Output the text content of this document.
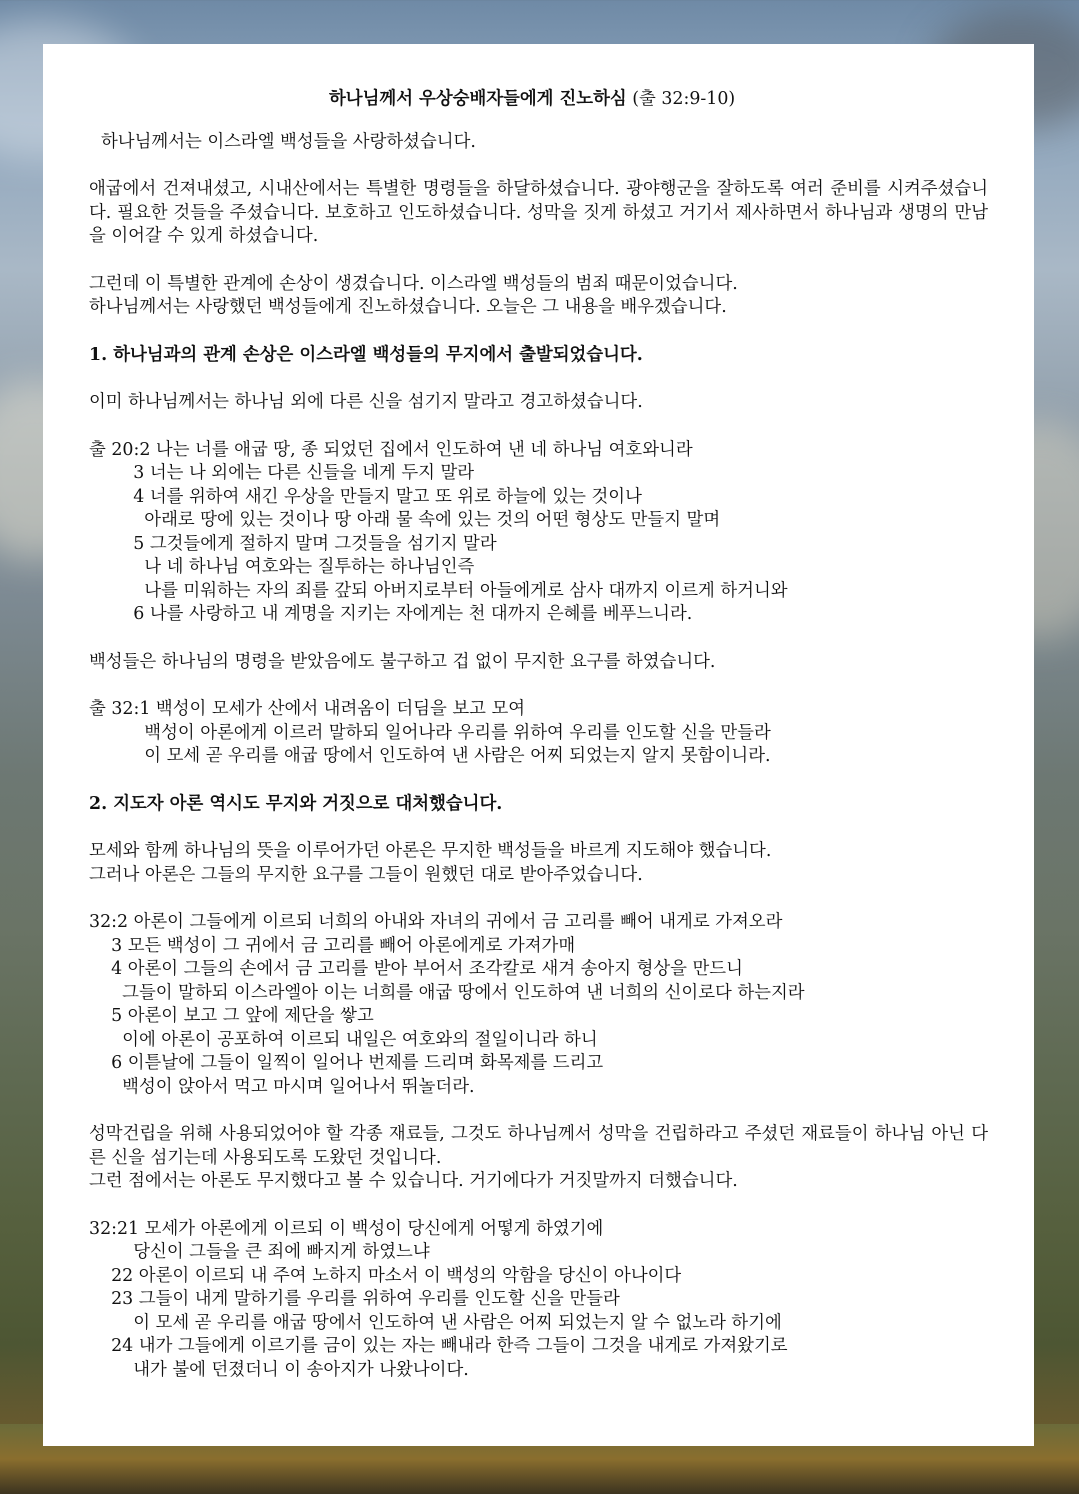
하나님께서 우상숭배자들에게 진노하심 (출 32:9-10)

하나님께서는 이스라엘 백성들을 사랑하셨습니다.

애굽에서 건져내셨고, 시내산에서는 특별한 명령들을 하달하셨습니다. 광야행군을 잘하도록 여러 준비를 시켜주셨습니다. 필요한 것들을 주셨습니다. 보호하고 인도하셨습니다. 성막을 짓게 하셨고 거기서 제사하면서 하나님과 생명의 만남을 이어갈 수 있게 하셨습니다.

그런데 이 특별한 관계에 손상이 생겼습니다. 이스라엘 백성들의 범죄 때문이었습니다.
하나님께서는 사랑했던 백성들에게 진노하셨습니다. 오늘은 그 내용을 배우겠습니다.
1. 하나님과의 관계 손상은 이스라엘 백성들의 무지에서 출발되었습니다.

이미 하나님께서는 하나님 외에 다른 신을 섬기지 말라고 경고하셨습니다.

출 20:2 나는 너를 애굽 땅, 종 되었던 집에서 인도하여 낸 네 하나님 여호와니라
3 너는 나 외에는 다른 신들을 네게 두지 말라
4 너를 위하여 새긴 우상을 만들지 말고 또 위로 하늘에 있는 것이나
아래로 땅에 있는 것이나 땅 아래 물 속에 있는 것의 어떤 형상도 만들지 말며
5 그것들에게 절하지 말며 그것들을 섬기지 말라
나 네 하나님 여호와는 질투하는 하나님인즉
나를 미워하는 자의 죄를 갚되 아버지로부터 아들에게로 삼사 대까지 이르게 하거니와
6 나를 사랑하고 내 계명을 지키는 자에게는 천 대까지 은혜를 베푸느니라.

백성들은 하나님의 명령을 받았음에도 불구하고 겁 없이 무지한 요구를 하였습니다.

출 32:1 백성이 모세가 산에서 내려옴이 더딤을 보고 모여
백성이 아론에게 이르러 말하되 일어나라 우리를 위하여 우리를 인도할 신을 만들라
이 모세 곧 우리를 애굽 땅에서 인도하여 낸 사람은 어찌 되었는지 알지 못함이니라.
2. 지도자 아론 역시도 무지와 거짓으로 대처했습니다.
모세와 함께 하나님의 뜻을 이루어가던 아론은 무지한 백성들을 바르게 지도해야 했습니다.
그러나 아론은 그들의 무지한 요구를 그들이 원했던 대로 받아주었습니다.
32:2 아론이 그들에게 이르되 너희의 아내와 자녀의 귀에서 금 고리를 빼어 내게로 가져오라
3 모든 백성이 그 귀에서 금 고리를 빼어 아론에게로 가져가매
4 아론이 그들의 손에서 금 고리를 받아 부어서 조각칼로 새겨 송아지 형상을 만드니
그들이 말하되 이스라엘아 이는 너희를 애굽 땅에서 인도하여 낸 너희의 신이로다 하는지라
5 아론이 보고 그 앞에 제단을 쌓고
이에 아론이 공포하여 이르되 내일은 여호와의 절일이니라 하니
6 이튿날에 그들이 일찍이 일어나 번제를 드리며 화목제를 드리고
백성이 앉아서 먹고 마시며 일어나서 뛰놀더라.
성막건립을 위해 사용되었어야 할 각종 재료들, 그것도 하나님께서 성막을 건립하라고 주셨던 재료들이 하나님 아닌 다른 신을 섬기는데 사용되도록 도왔던 것입니다.
그런 점에서는 아론도 무지했다고 볼 수 있습니다. 거기에다가 거짓말까지 더했습니다.
32:21 모세가 아론에게 이르되 이 백성이 당신에게 어떻게 하였기에
당신이 그들을 큰 죄에 빠지게 하였느냐
22 아론이 이르되 내 주여 노하지 마소서 이 백성의 악함을 당신이 아나이다
23 그들이 내게 말하기를 우리를 위하여 우리를 인도할 신을 만들라
이 모세 곧 우리를 애굽 땅에서 인도하여 낸 사람은 어찌 되었는지 알 수 없노라 하기에
24 내가 그들에게 이르기를 금이 있는 자는 빼내라 한즉 그들이 그것을 내게로 가져왔기로
내가 불에 던졌더니 이 송아지가 나왔나이다.
